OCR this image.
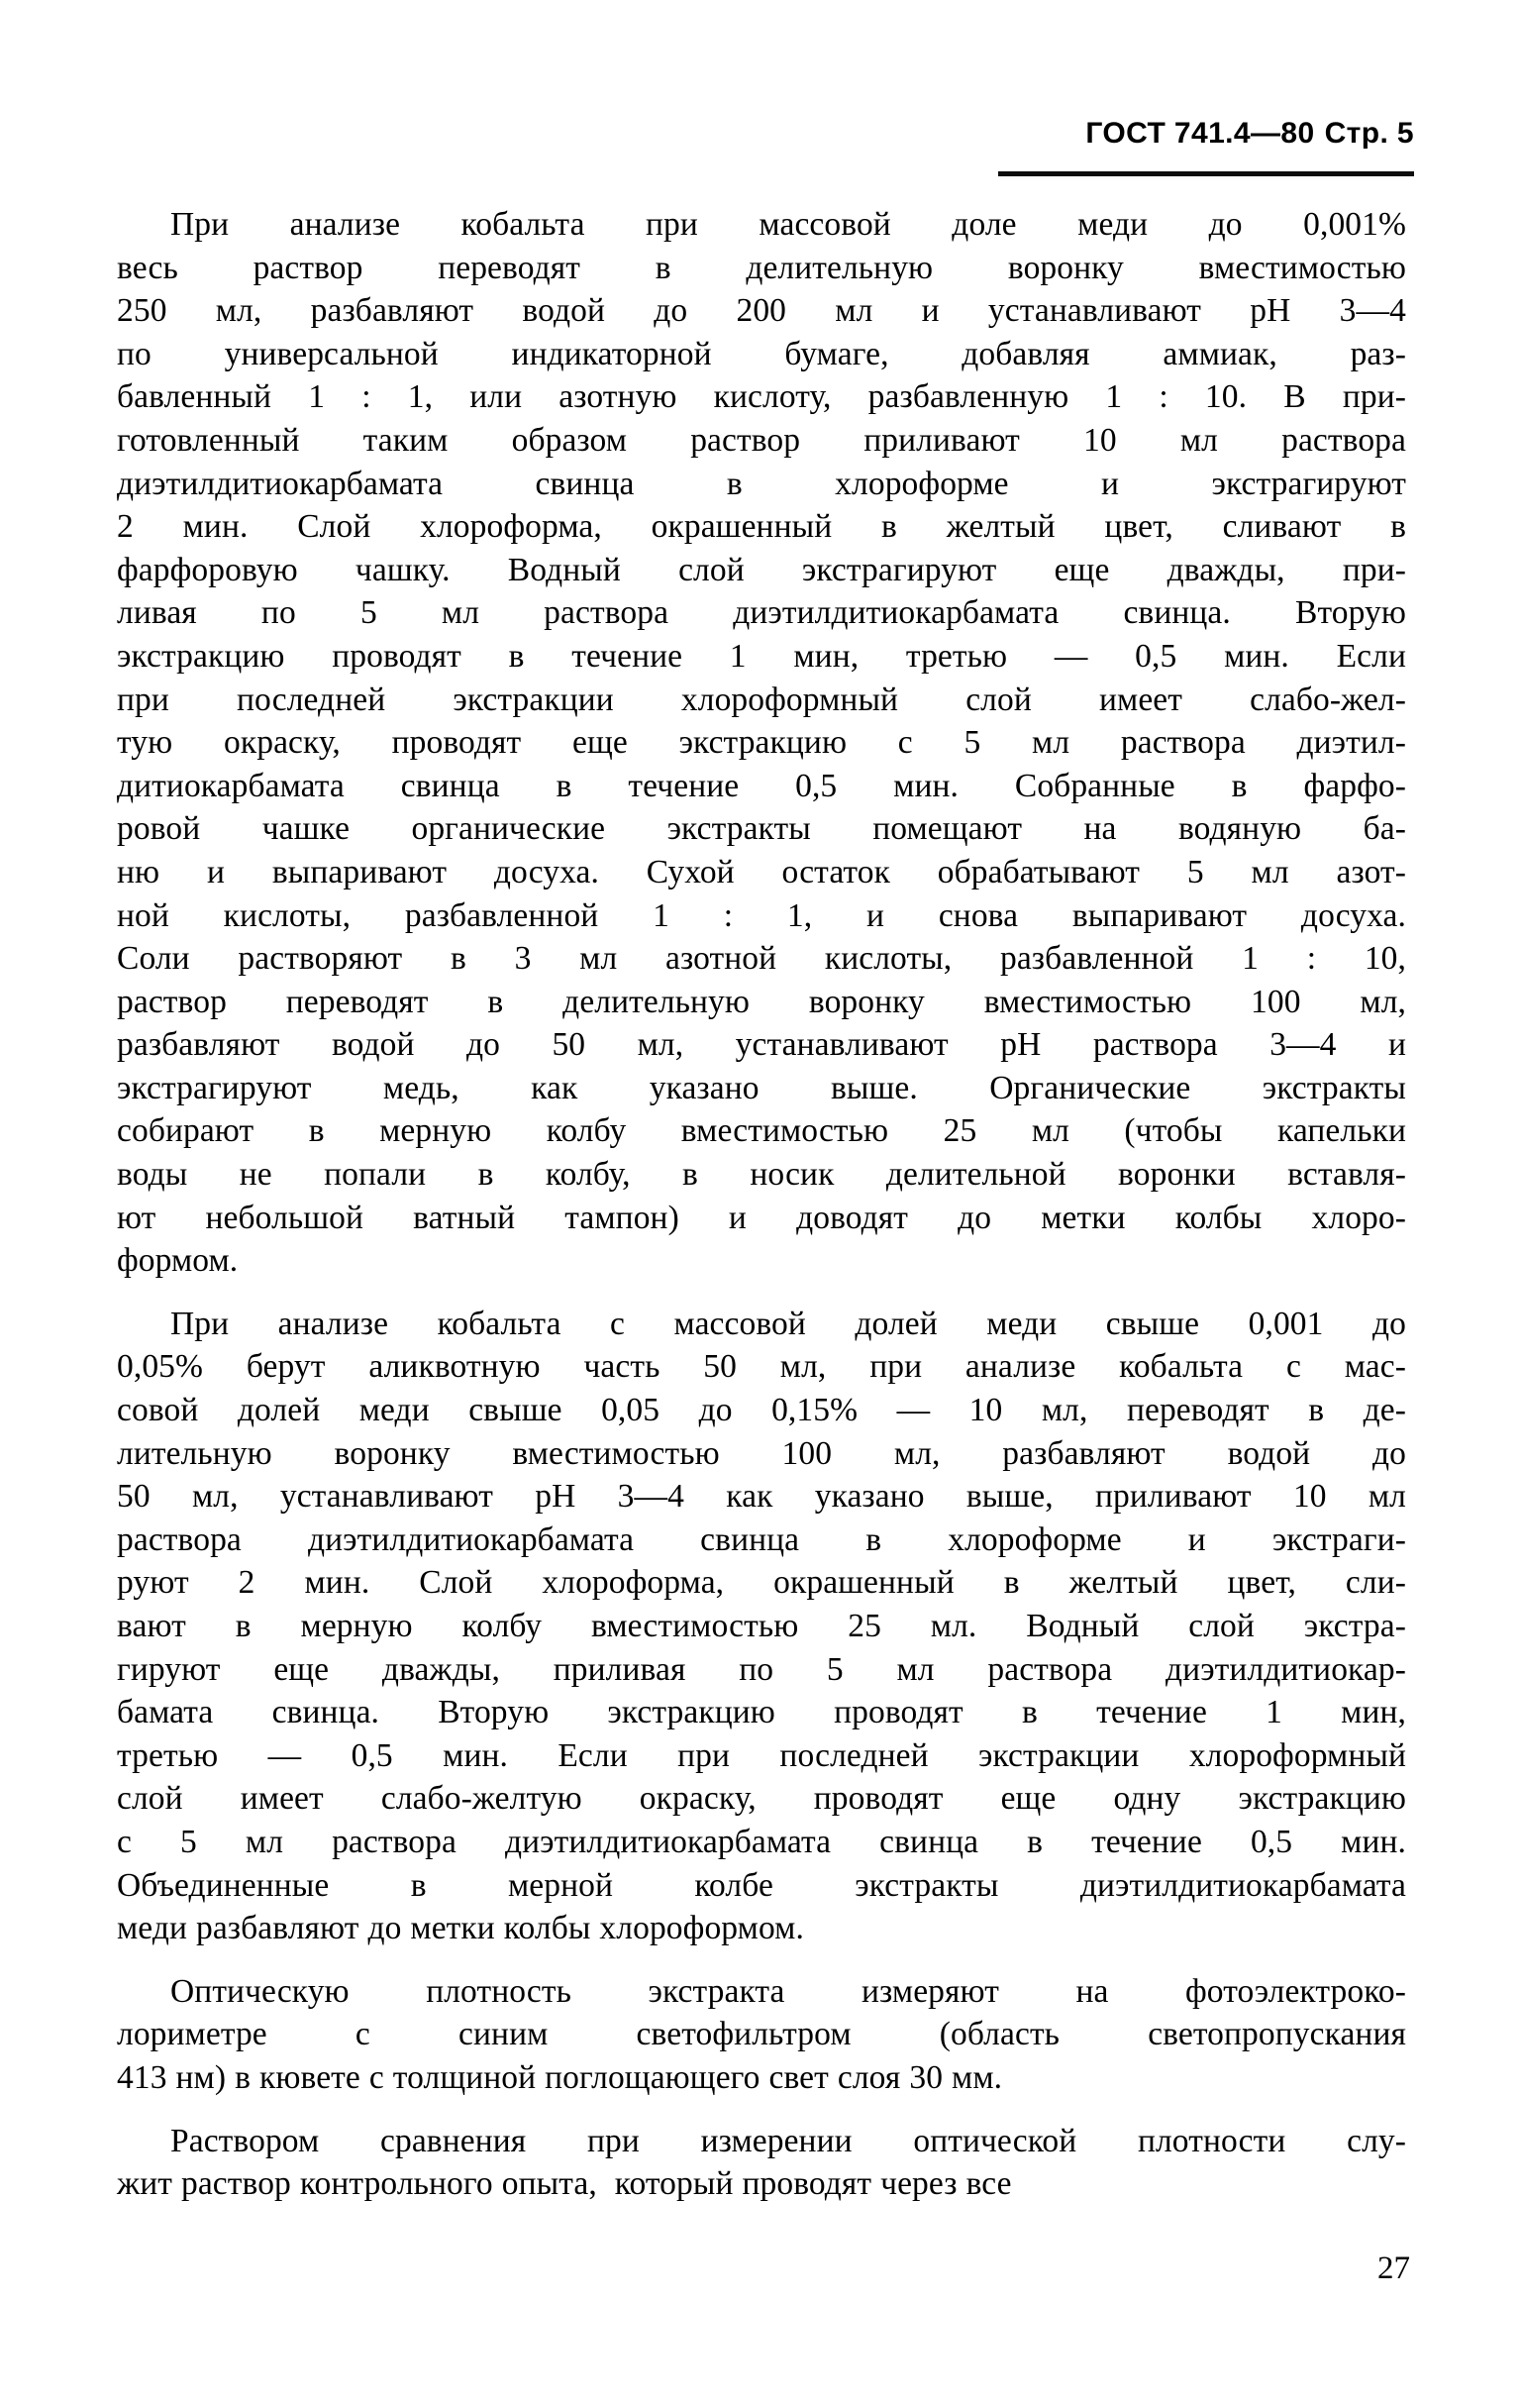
ГОСТ 741.4—80 Стр. 5

При анализе кобальта при массовой доле меди до 0,001%
весь раствор переводят в делительную воронку вместимостью
250 мл, разбавляют водой до 200 мл и устанавливают рН 3—4
по универсальной индикаторной бумаге, добавляя аммиак, раз-
бавленный 1 : 1, или азотную кислоту, разбавленную 1 : 10. В при-
готовленный таким образом раствор приливают 10 мл раствора
диэтилдитиокарбамата свинца в хлороформе и экстрагируют
2 мин. Слой хлороформа, окрашенный в желтый цвет, сливают в
фарфоровую чашку. Водный слой экстрагируют еще дважды, при-
ливая по 5 мл раствора диэтилдитиокарбамата свинца. Вторую
экстракцию проводят в течение 1 мин, третью — 0,5 мин. Если
при последней экстракции хлороформный слой имеет слабо-жел-
тую окраску, проводят еще экстракцию с 5 мл раствора диэтил-
дитиокарбамата свинца в течение 0,5 мин. Собранные в фарфо-
ровой чашке органические экстракты помещают на водяную ба-
ню и выпаривают досуха. Сухой остаток обрабатывают 5 мл азот-
ной кислоты, разбавленной 1 : 1, и снова выпаривают досуха.
Соли растворяют в 3 мл азотной кислоты, разбавленной 1 : 10,
раствор переводят в делительную воронку вместимостью 100 мл,
разбавляют водой до 50 мл, устанавливают рН раствора 3—4 и
экстрагируют медь, как указано выше. Органические экстракты
собирают в мерную колбу вместимостью 25 мл (чтобы капельки
воды не попали в колбу, в носик делительной воронки вставля-
ют небольшой ватный тампон) и доводят до метки колбы хлоро-
формом.

При анализе кобальта с массовой долей меди свыше 0,001 до
0,05% берут аликвотную часть 50 мл, при анализе кобальта с мас-
совой долей меди свыше 0,05 до 0,15% — 10 мл, переводят в де-
лительную воронку вместимостью 100 мл, разбавляют водой до
50 мл, устанавливают рН 3—4 как указано выше, приливают 10 мл
раствора диэтилдитиокарбамата свинца в хлороформе и экстраги-
руют 2 мин. Слой хлороформа, окрашенный в желтый цвет, сли-
вают в мерную колбу вместимостью 25 мл. Водный слой экстра-
гируют еще дважды, приливая по 5 мл раствора диэтилдитиокар-
бамата свинца. Вторую экстракцию проводят в течение 1 мин,
третью — 0,5 мин. Если при последней экстракции хлороформный
слой имеет слабо-желтую окраску, проводят еще одну экстракцию
с 5 мл раствора диэтилдитиокарбамата свинца в течение 0,5 мин.
Объединенные в мерной колбе экстракты диэтилдитиокарбамата
меди разбавляют до метки колбы хлороформом.

Оптическую плотность экстракта измеряют на фотоэлектроко-
лориметре с синим светофильтром (область светопропускания
413 нм) в кювете с толщиной поглощающего свет слоя 30 мм.

Раствором сравнения при измерении оптической плотности слу-
жит раствор контрольного опыта,  который проводят через все

27
